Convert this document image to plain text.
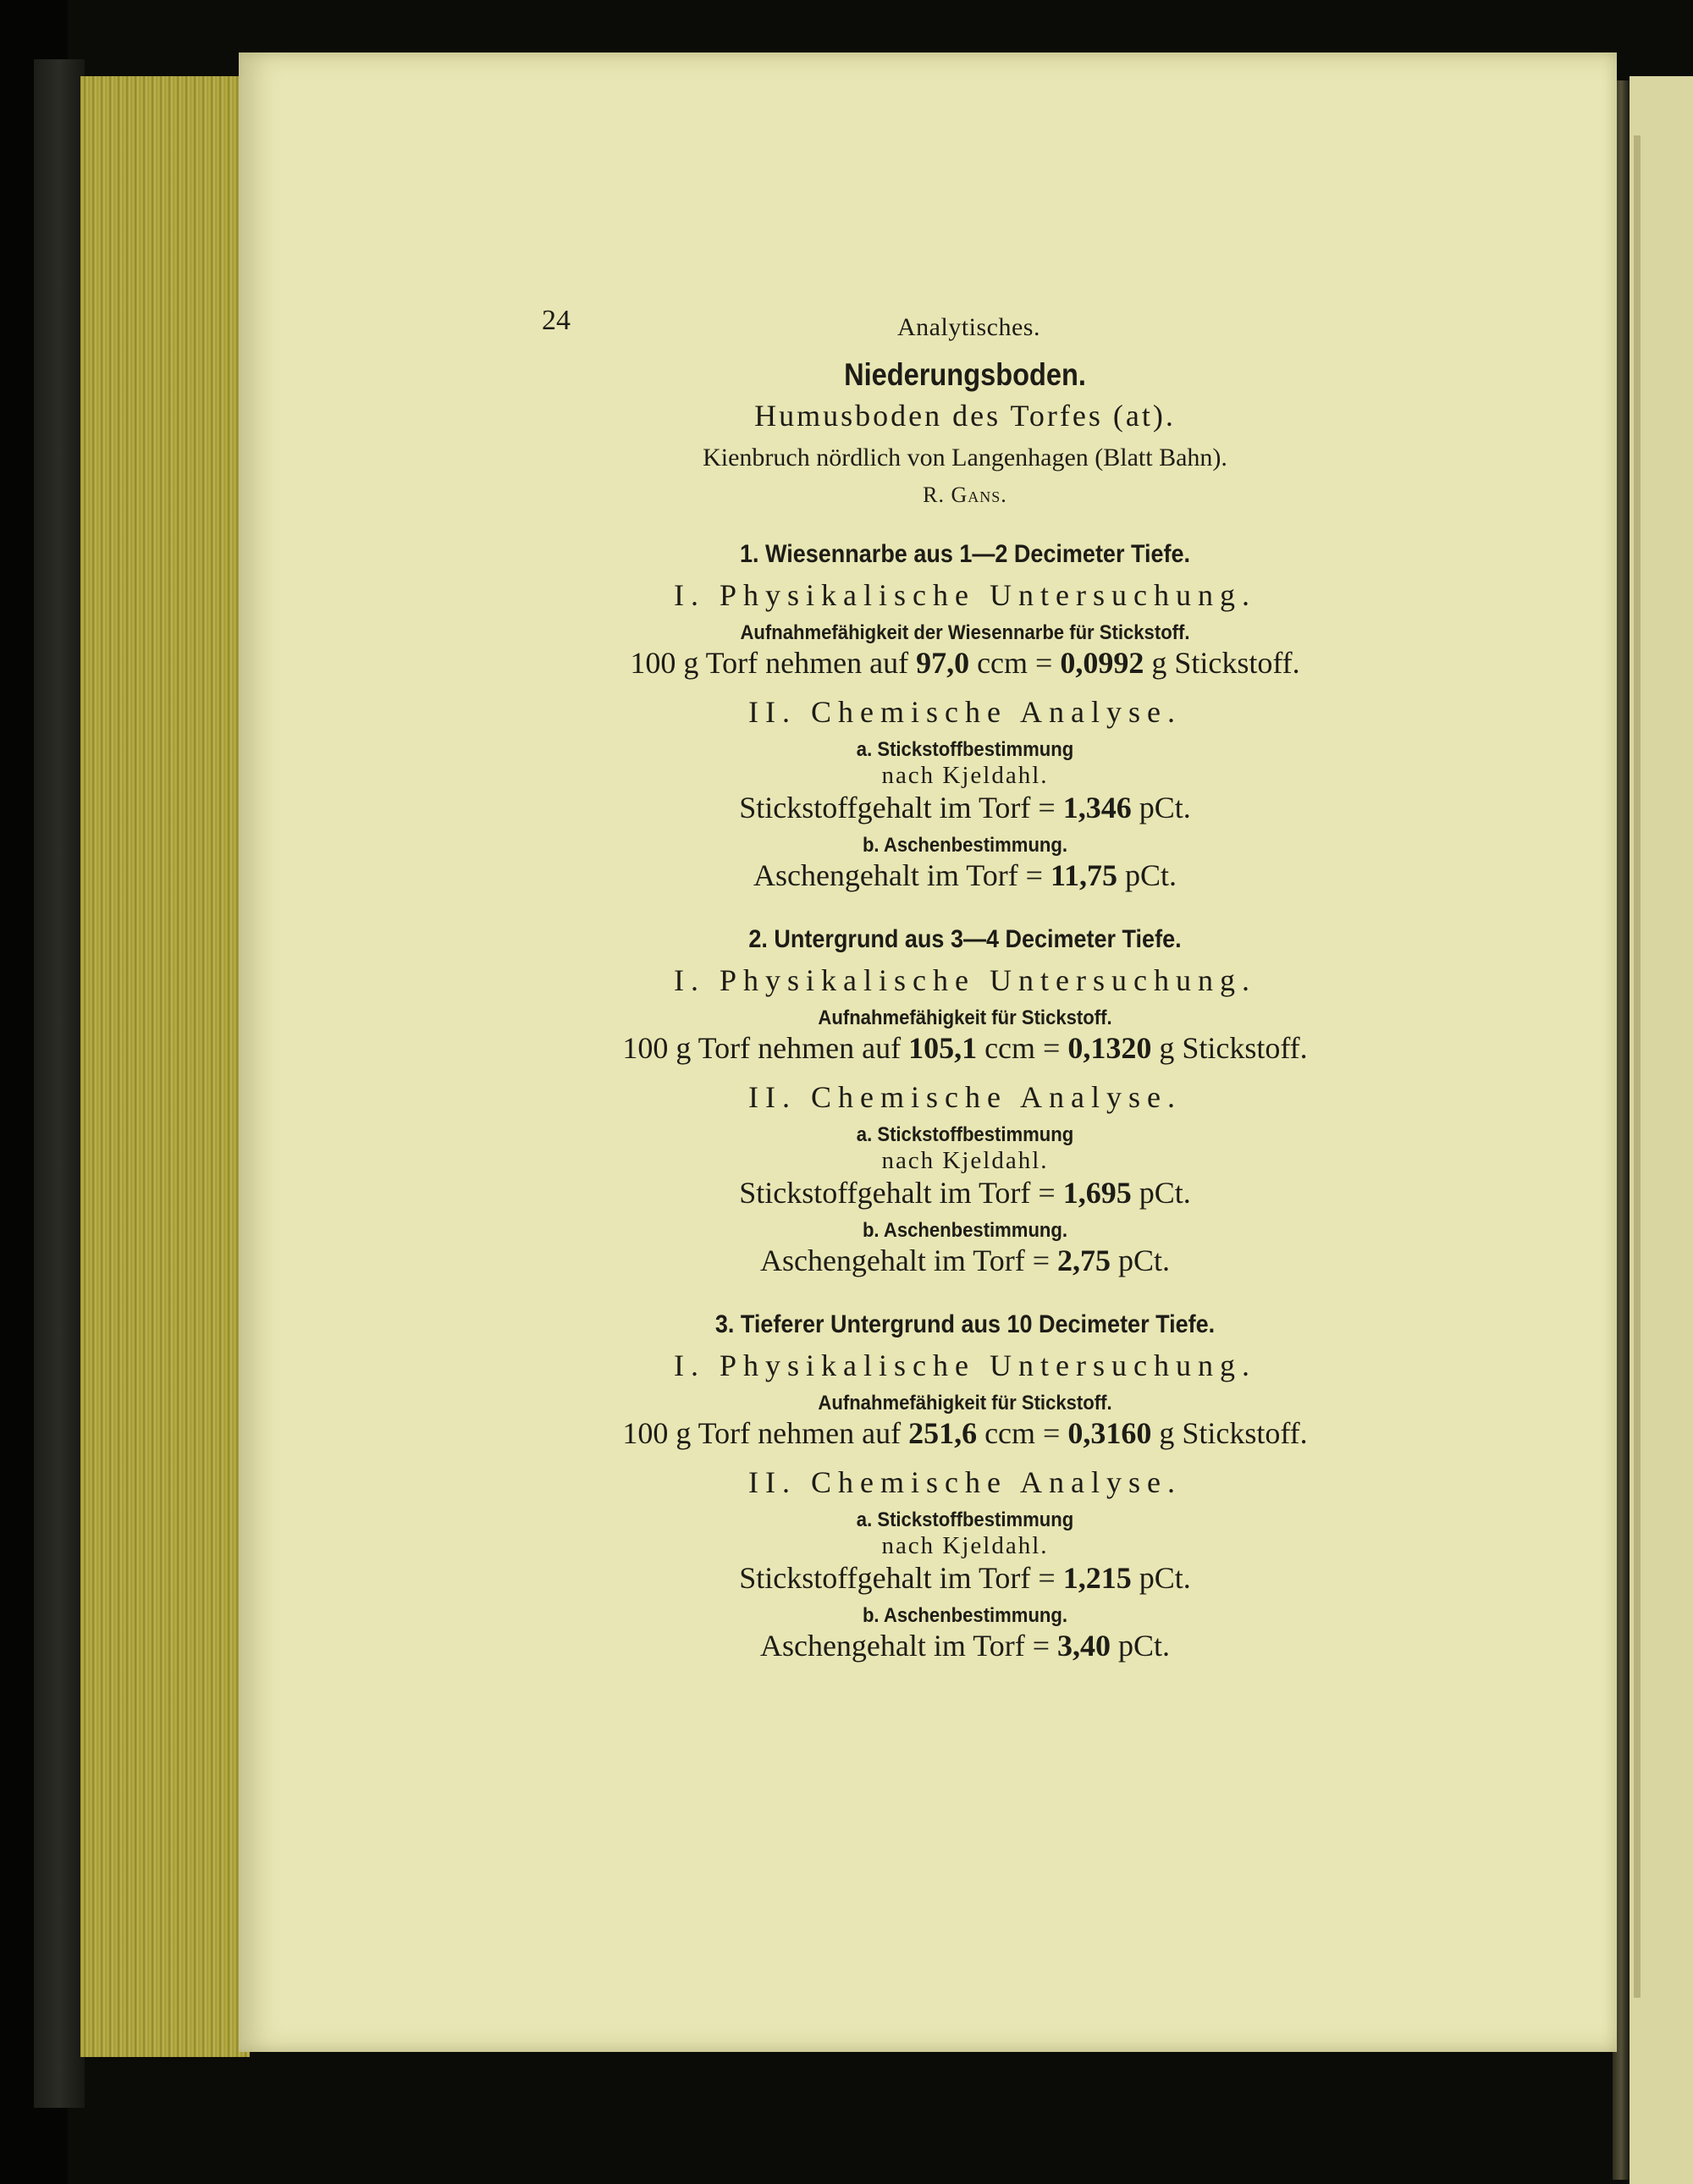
24	Analytisches.
Niederungsboden.
Humusboden des Torfes (at).
Kienbruch nördlich von Langenhagen (Blatt Bahn).
R. Gans.
1. Wiesennarbe aus 1—2 Decimeter Tiefe.
I. Physikalische Untersuchung.
Aufnahmefähigkeit der Wiesennarbe für Stickstoff.
100 g Torf nehmen auf 97,0 ccm = 0,0992 g Stickstoff.
II. Chemische Analyse.
a. Stickstoffbestimmung
nach Kjeldahl.
Stickstoffgehalt im Torf = 1,346 pCt.
b. Aschenbestimmung.
Aschengehalt im Torf = 11,75 pCt.
2. Untergrund aus 3—4 Decimeter Tiefe.
I. Physikalische Untersuchung.
Aufnahmefähigkeit für Stickstoff.
100 g Torf nehmen auf 105,1 ccm = 0,1320 g Stickstoff.
II. Chemische Analyse.
a. Stickstoffbestimmung
nach Kjeldahl.
Stickstoffgehalt im Torf = 1,695 pCt.
b. Aschenbestimmung.
Aschengehalt im Torf = 2,75 pCt.
3. Tieferer Untergrund aus 10 Decimeter Tiefe.
I. Physikalische Untersuchung.
Aufnahmefähigkeit für Stickstoff.
100 g Torf nehmen auf 251,6 ccm = 0,3160 g Stickstoff.
II. Chemische Analyse.
a. Stickstoffbestimmung
nach Kjeldahl.
Stickstoffgehalt im Torf = 1,215 pCt.
b. Aschenbestimmung.
Aschengehalt im Torf = 3,40 pCt.
